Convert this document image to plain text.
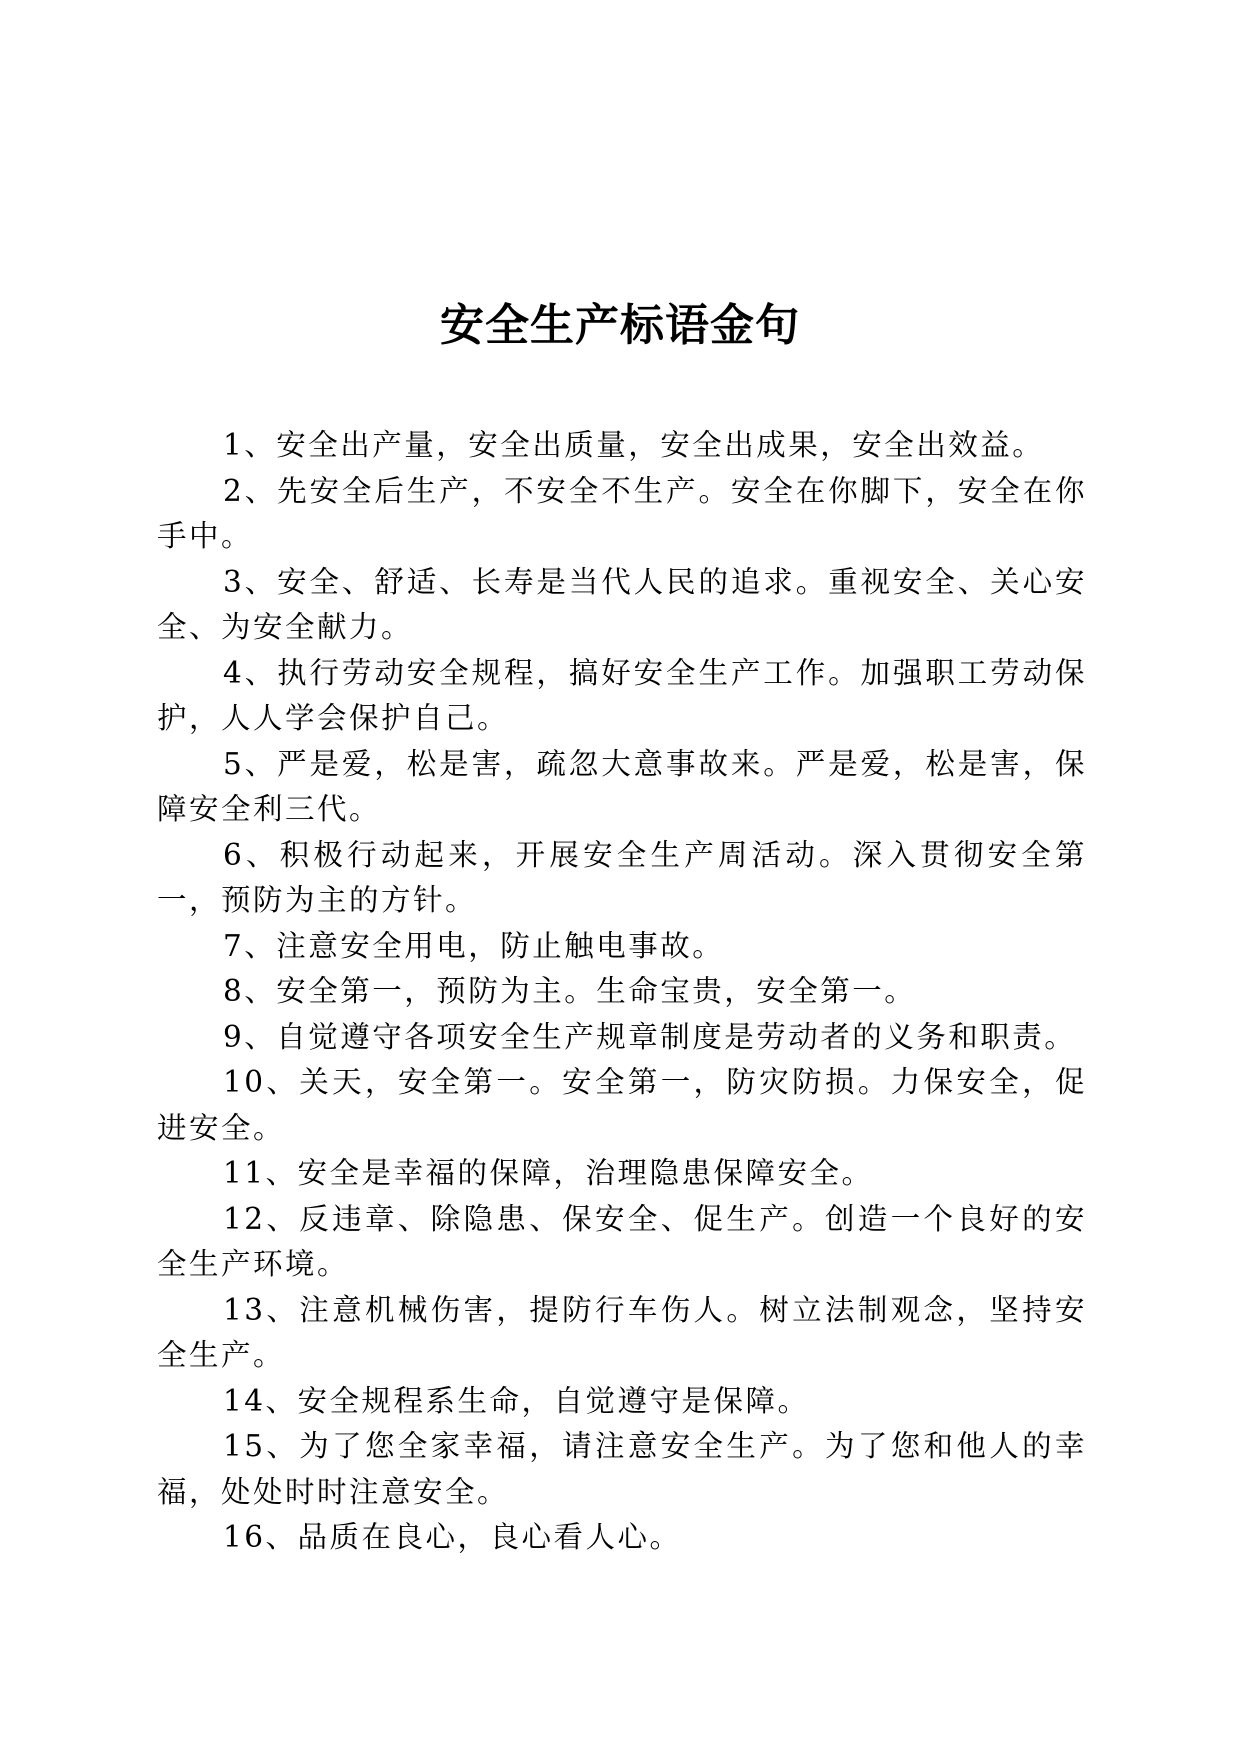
安全生产标语金句

1、安全出产量，安全出质量，安全出成果，安全出效益。

2、先安全后生产，不安全不生产。安全在你脚下，安全在你手中。

3、安全、舒适、长寿是当代人民的追求。重视安全、关心安全、为安全献力。

4、执行劳动安全规程，搞好安全生产工作。加强职工劳动保护，人人学会保护自己。

5、严是爱，松是害，疏忽大意事故来。严是爱，松是害，保障安全利三代。

6、积极行动起来，开展安全生产周活动。深入贯彻安全第一，预防为主的方针。

7、注意安全用电，防止触电事故。

8、安全第一，预防为主。生命宝贵，安全第一。

9、自觉遵守各项安全生产规章制度是劳动者的义务和职责。

10、关天，安全第一。安全第一，防灾防损。力保安全，促进安全。

11、安全是幸福的保障，治理隐患保障安全。

12、反违章、除隐患、保安全、促生产。创造一个良好的安全生产环境。

13、注意机械伤害，提防行车伤人。树立法制观念，坚持安全生产。

14、安全规程系生命，自觉遵守是保障。

15、为了您全家幸福，请注意安全生产。为了您和他人的幸福，处处时时注意安全。

16、品质在良心，良心看人心。
